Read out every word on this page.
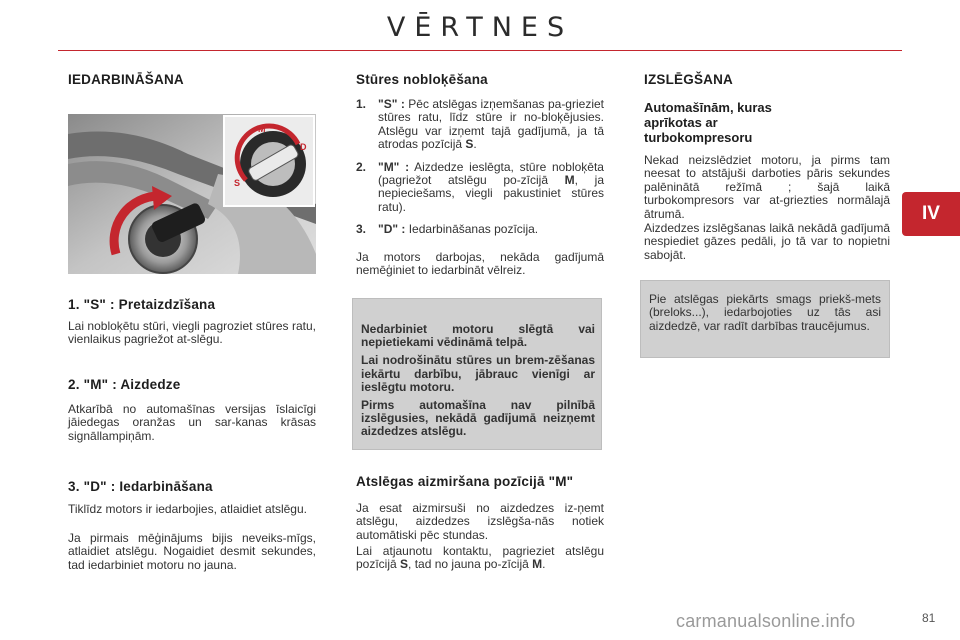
VĒRTNES
IV
IEDARBINĀŠANA
S
M
D
1. "S" : Pretaizdzīšana

Lai nobloķētu stūri, viegli pagroziet stūres ratu, vienlaikus pagriežot at-slēgu.

2. "M" : Aizdedze

Atkarībā no automašīnas versijas īslaicīgi jāiedegas oranžas un sar-kanas krāsas signāllampiņām.

3. "D" : Iedarbināšana

Tiklīdz motors ir iedarbojies, atlaidiet atslēgu.

Ja pirmais mēģinājums bijis neveiks-mīgs, atlaidiet atslēgu. Nogaidiet desmit sekundes, tad iedarbiniet motoru no jauna.

Stūres nobloķēšana
1. "S" : Pēc atslēgas izņemšanas pa-grieziet stūres ratu, līdz stūre ir no-bloķējusies. Atslēgu var izņemt tajā gadījumā, ja tā atrodas pozīcijā S.
2. "M" : Aizdedze ieslēgta, stūre nobloķēta (pagriežot atslēgu po-zīcijā M, ja nepieciešams, viegli pakustiniet stūres ratu).
3. "D" : Iedarbināšanas pozīcija.

Ja motors darbojas, nekāda gadījumā nemēģiniet to iedarbināt vēlreiz.

Nedarbiniet motoru slēgtā vai nepietiekami vēdināmā telpā.

Lai nodrošinātu stūres un brem-zēšanas iekārtu darbību, jābrauc vienīgi ar ieslēgtu motoru.

Pirms automašīna nav pilnībā izslēgusies, nekādā gadījumā neizņemt aizdedzes atslēgu.

Atslēgas aizmiršana pozīcijā "M"

Ja esat aizmirsuši no aizdedzes iz-ņemt atslēgu, aizdedzes izslēgša-nās notiek automātiski pēc stundas.

Lai atjaunotu kontaktu, pagrieziet atslēgu pozīcijā S, tad no jauna po-zīcijā M.

IZSLĒGŠANA
Automašīnām, kuras aprīkotas ar turbokompresoru

Nekad neizslēdziet motoru, ja pirms tam neesat to atstājuši darboties pāris sekundes palēninātā režīmā ; šajā laikā turbokompresors var at-griezties normālajā ātrumā.

Aizdedzes izslēgšanas laikā nekādā gadījumā nespiediet gāzes pedāli, jo tā var to nopietni sabojāt.

Pie atslēgas piekārts smags priekš-mets (breloks...), iedarbojoties uz tās asi aizdedzē, var radīt darbības traucējumus.

carmanualsonline.info	81
